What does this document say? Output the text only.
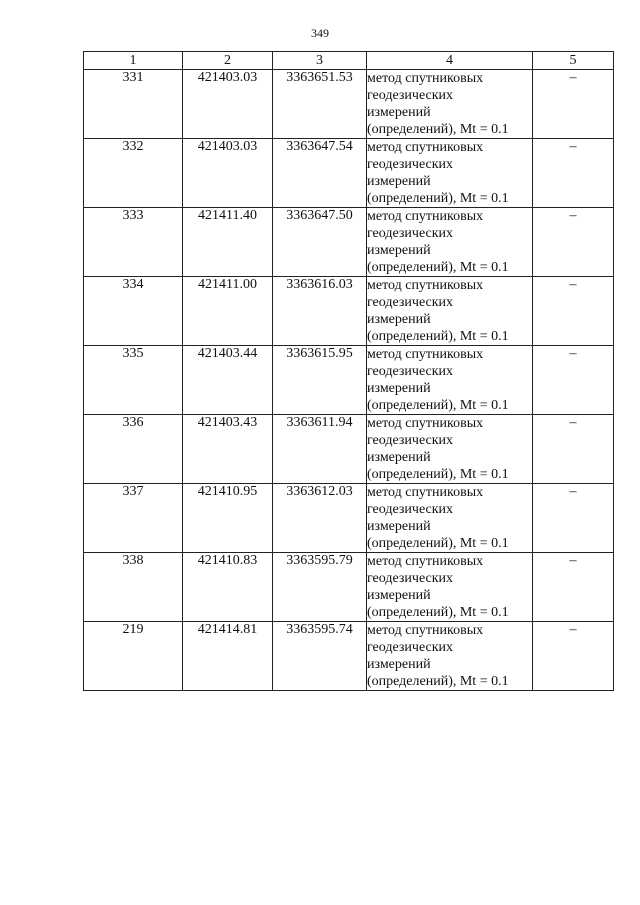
349
1	2	3	4	5
331	421403.03	3363651.53	метод спутниковых
геодезических
измерений
(определений), Mt = 0.1	–
332	421403.03	3363647.54	метод спутниковых
геодезических
измерений
(определений), Mt = 0.1	–
333	421411.40	3363647.50	метод спутниковых
геодезических
измерений
(определений), Mt = 0.1	–
334	421411.00	3363616.03	метод спутниковых
геодезических
измерений
(определений), Mt = 0.1	–
335	421403.44	3363615.95	метод спутниковых
геодезических
измерений
(определений), Mt = 0.1	–
336	421403.43	3363611.94	метод спутниковых
геодезических
измерений
(определений), Mt = 0.1	–
337	421410.95	3363612.03	метод спутниковых
геодезических
измерений
(определений), Mt = 0.1	–
338	421410.83	3363595.79	метод спутниковых
геодезических
измерений
(определений), Mt = 0.1	–
219	421414.81	3363595.74	метод спутниковых
геодезических
измерений
(определений), Mt = 0.1	–
